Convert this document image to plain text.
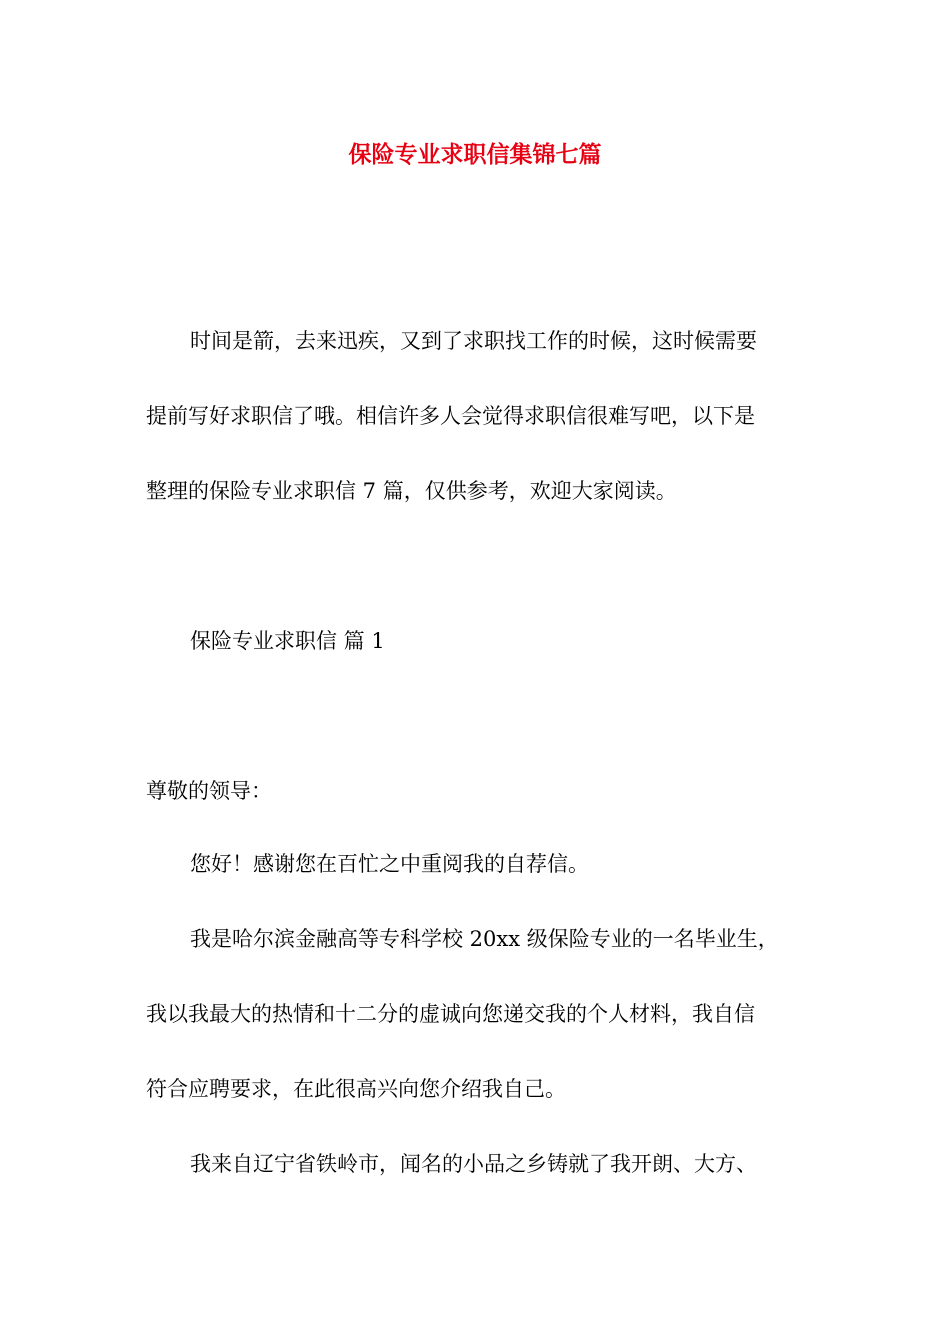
保险专业求职信集锦七篇
时间是箭，去来迅疾，又到了求职找工作的时候，这时候需要
提前写好求职信了哦。相信许多人会觉得求职信很难写吧，以下是
整理的保险专业求职信 7 篇，仅供参考，欢迎大家阅读。
保险专业求职信 篇 1
尊敬的领导：
您好！感谢您在百忙之中重阅我的自荐信。
我是哈尔滨金融高等专科学校 20xx 级保险专业的一名毕业生，
我以我最大的热情和十二分的虚诚向您递交我的个人材料，我自信
符合应聘要求，在此很高兴向您介绍我自己。
我来自辽宁省铁岭市，闻名的小品之乡铸就了我开朗、大方、
